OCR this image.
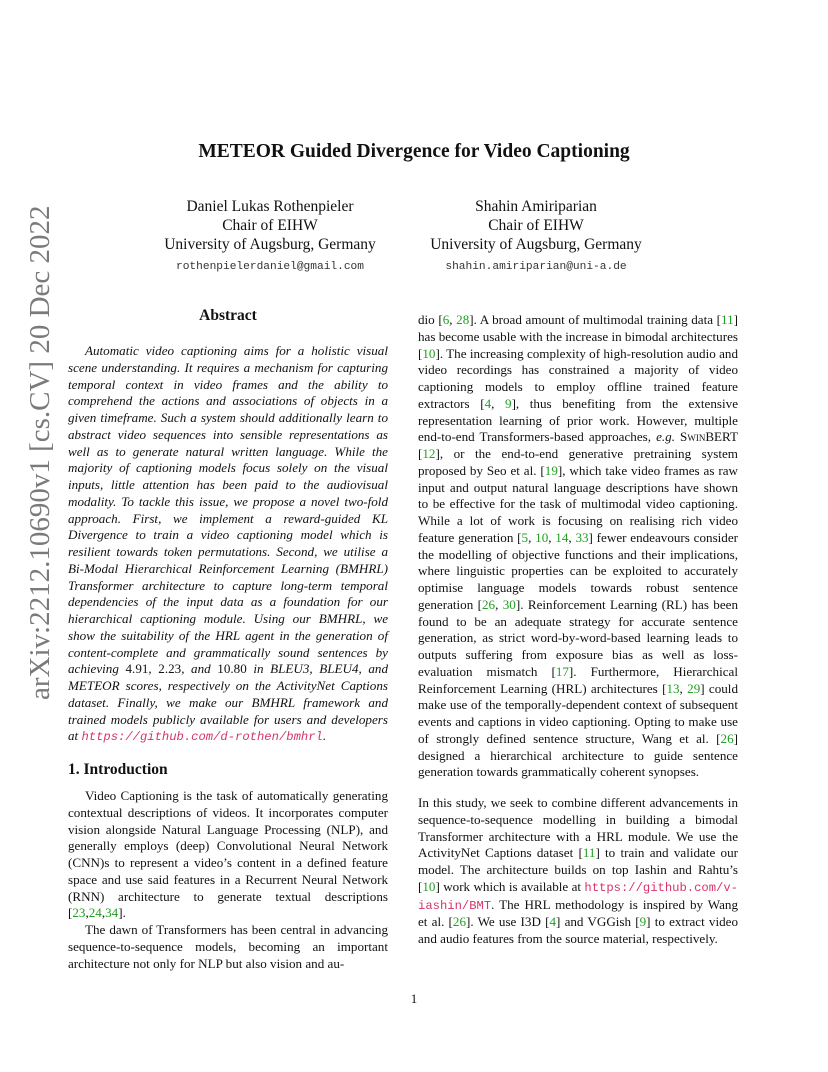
arXiv:2212.10690v1 [cs.CV] 20 Dec 2022
METEOR Guided Divergence for Video Captioning
Daniel Lukas Rothenpieler
Chair of EIHW
University of Augsburg, Germany
rothenpielerdaniel@gmail.com
Shahin Amiriparian
Chair of EIHW
University of Augsburg, Germany
shahin.amiriparian@uni-a.de
Abstract

Automatic video captioning aims for a holistic visual scene understanding. It requires a mechanism for capturing temporal context in video frames and the ability to comprehend the actions and associations of objects in a given timeframe. Such a system should additionally learn to abstract video sequences into sensible representations as well as to generate natural written language. While the majority of captioning models focus solely on the visual inputs, little attention has been paid to the audiovisual modality. To tackle this issue, we propose a novel two-fold approach. First, we implement a reward-guided KL Divergence to train a video captioning model which is resilient towards token permutations. Second, we utilise a Bi-Modal Hierarchical Reinforcement Learning (BMHRL) Transformer architecture to capture long-term temporal dependencies of the input data as a foundation for our hierarchical captioning module. Using our BMHRL, we show the suitability of the HRL agent in the generation of content-complete and grammatically sound sentences by achieving 4.91, 2.23, and 10.80 in BLEU3, BLEU4, and METEOR scores, respectively on the ActivityNet Captions dataset. Finally, we make our BMHRL framework and trained models publicly available for users and developers at https://github.com/d-rothen/bmhrl.

1. Introduction

Video Captioning is the task of automatically generating contextual descriptions of videos. It incorporates computer vision alongside Natural Language Processing (NLP), and generally employs (deep) Convolutional Neural Network (CNN)s to represent a video’s content in a defined feature space and use said features in a Recurrent Neural Network (RNN) architecture to generate textual descriptions [23,24,34].

The dawn of Transformers has been central in advancing sequence-to-sequence models, becoming an important architecture not only for NLP but also vision and au-

dio [6, 28]. A broad amount of multimodal training data [11] has become usable with the increase in bimodal architectures [10]. The increasing complexity of high-resolution audio and video recordings has constrained a majority of video captioning models to employ offline trained feature extractors [4, 9], thus benefiting from the extensive representation learning of prior work. However, multiple end-to-end Transformers-based approaches, e.g. SwinBERT [12], or the end-to-end generative pretraining system proposed by Seo et al. [19], which take video frames as raw input and output natural language descriptions have shown to be effective for the task of multimodal video captioning. While a lot of work is focusing on realising rich video feature generation [5, 10, 14, 33] fewer endeavours consider the modelling of objective functions and their implications, where linguistic properties can be exploited to accurately optimise language models towards robust sentence generation [26, 30]. Reinforcement Learning (RL) has been found to be an adequate strategy for accurate sentence generation, as strict word-by-word-based learning leads to outputs suffering from exposure bias as well as loss-evaluation mismatch [17]. Furthermore, Hierarchical Reinforcement Learning (HRL) architectures [13, 29] could make use of the temporally-dependent context of subsequent events and captions in video captioning. Opting to make use of strongly defined sentence structure, Wang et al. [26] designed a hierarchical architecture to guide sentence generation towards grammatically coherent synopses.

In this study, we seek to combine different advancements in sequence-to-sequence modelling in building a bimodal Transformer architecture with a HRL module. We use the ActivityNet Captions dataset [11] to train and validate our model. The architecture builds on top Iashin and Rahtu’s [10] work which is available at https://github.com/v-iashin/BMT. The HRL methodology is inspired by Wang et al. [26]. We use I3D [4] and VGGish [9] to extract video and audio features from the source material, respectively.

1
